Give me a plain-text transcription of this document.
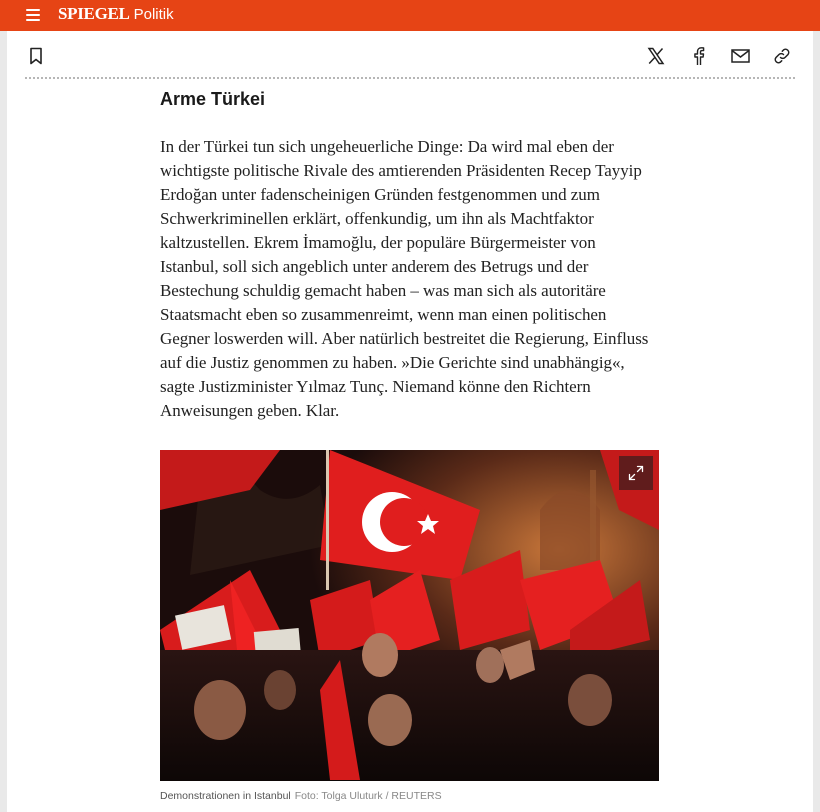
SPIEGEL Politik
Arme Türkei
In der Türkei tun sich ungeheuerliche Dinge: Da wird mal eben der
wichtigste politische Rivale des amtierenden Präsidenten Recep Tayyip
Erdoğan unter fadenscheinigen Gründen festgenommen und zum
Schwerkriminellen erklärt, offenkundig, um ihn als Machtfaktor
kaltzustellen. Ekrem İmamoğlu, der populäre Bürgermeister von
Istanbul, soll sich angeblich unter anderem des Betrugs und der
Bestechung schuldig gemacht haben – was man sich als autoritäre
Staatsmacht eben so zusammenreimt, wenn man einen politischen
Gegner loswerden will. Aber natürlich bestreitet die Regierung, Einfluss
auf die Justiz genommen zu haben. »Die Gerichte sind unabhängig«,
sagte Justizminister Yılmaz Tunç. Niemand könne den Richtern
Anweisungen geben. Klar.
Demonstrationen in Istanbul Foto: Tolga Uluturk / REUTERS
